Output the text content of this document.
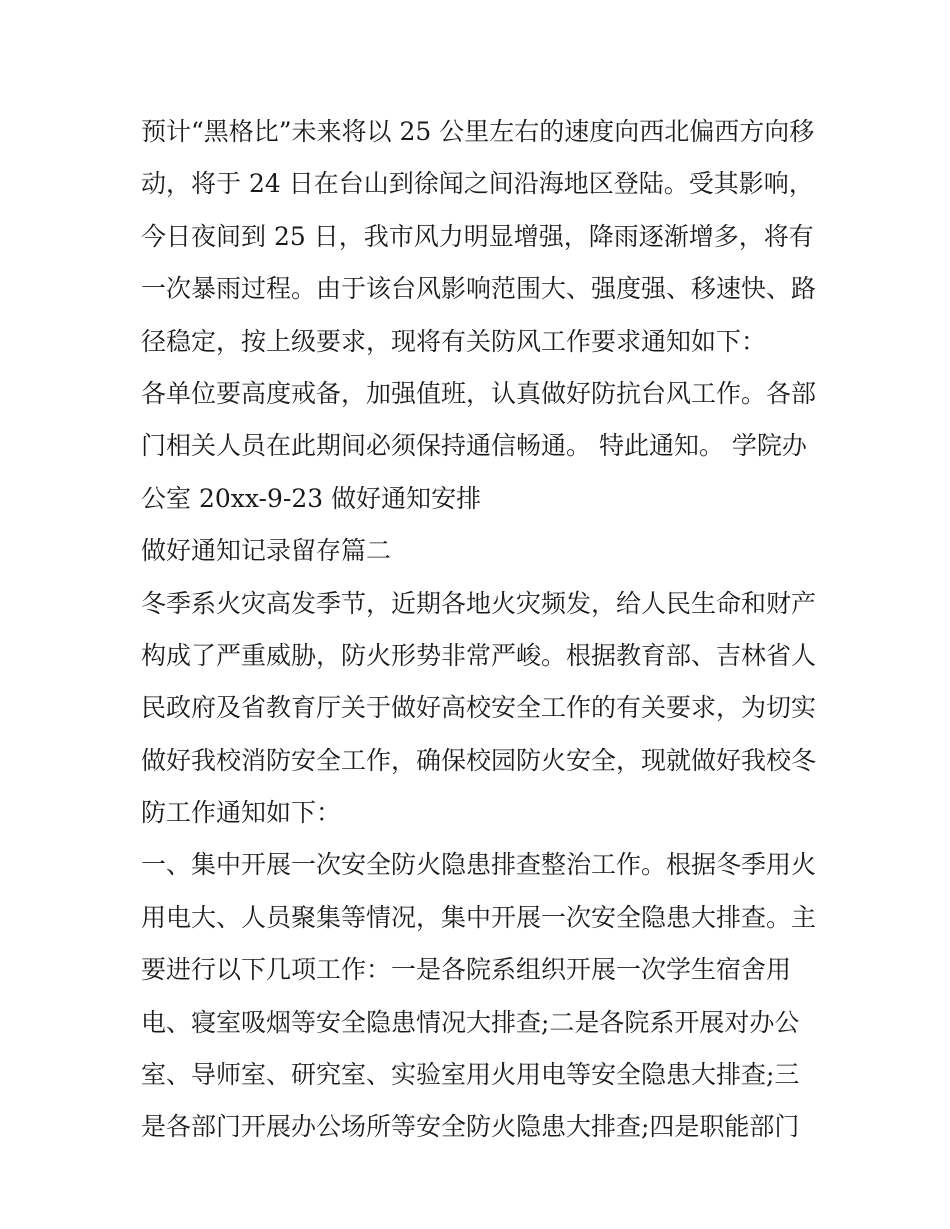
预计“黑格比”未来将以 25 公里左右的速度向西北偏西方向移
动，将于 24 日在台山到徐闻之间沿海地区登陆。受其影响，
今日夜间到 25 日，我市风力明显增强，降雨逐渐增多，将有
一次暴雨过程。由于该台风影响范围大、强度强、移速快、路
径稳定，按上级要求，现将有关防风工作要求通知如下：
各单位要高度戒备，加强值班，认真做好防抗台风工作。各部
门相关人员在此期间必须保持通信畅通。 特此通知。 学院办
公室 20xx-9-23 做好通知安排
做好通知记录留存篇二
冬季系火灾高发季节，近期各地火灾频发，给人民生命和财产
构成了严重威胁，防火形势非常严峻。根据教育部、吉林省人
民政府及省教育厅关于做好高校安全工作的有关要求，为切实
做好我校消防安全工作，确保校园防火安全，现就做好我校冬
防工作通知如下：
一、集中开展一次安全防火隐患排查整治工作。根据冬季用火
用电大、人员聚集等情况，集中开展一次安全隐患大排查。主
要进行以下几项工作：一是各院系组织开展一次学生宿舍用
电、寝室吸烟等安全隐患情况大排查;二是各院系开展对办公
室、导师室、研究室、实验室用火用电等安全隐患大排查;三
是各部门开展办公场所等安全防火隐患大排查;四是职能部门
